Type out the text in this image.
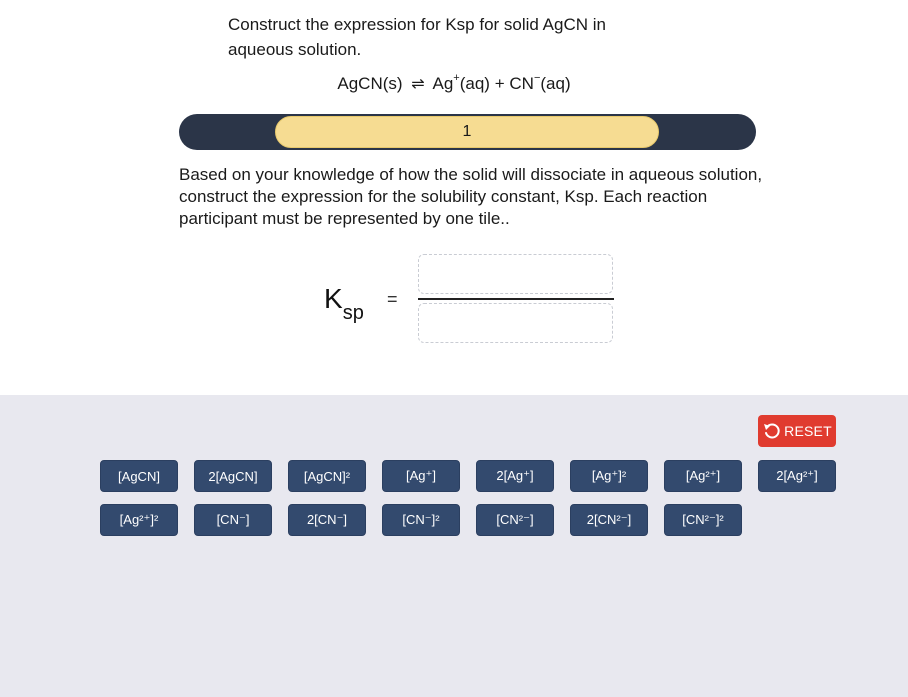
Construct the expression for Ksp for solid AgCN in aqueous solution.
AgCN(s) ⇌ Ag+(aq) + CN−(aq)
1
Based on your knowledge of how the solid will dissociate in aqueous solution, construct the expression for the solubility constant, Ksp. Each reaction participant must be represented by one tile..
$K_{sp}$
=
RESET
[AgCN]	2[AgCN]	[AgCN]²	[Ag⁺]	2[Ag⁺]	[Ag⁺]²	[Ag²⁺]	2[Ag²⁺]
[Ag²⁺]²	[CN⁻]	2[CN⁻]	[CN⁻]²	[CN²⁻]	2[CN²⁻]	[CN²⁻]²
